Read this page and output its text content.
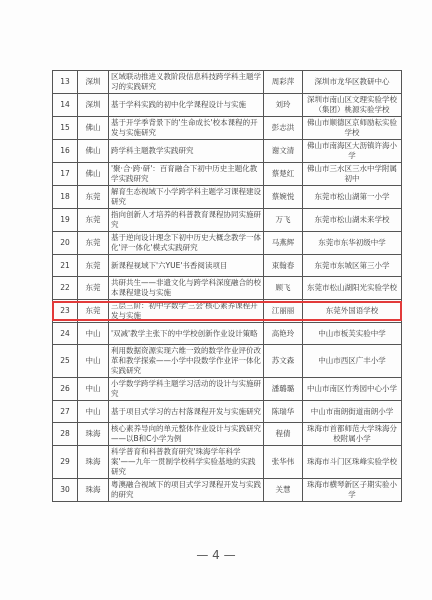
13	深圳	区域联动推进义教阶段信息科技跨学科主题学习的实践研究	周彩萍	深圳市龙华区教研中心
14	深圳	基于学科实践的初中化学课程设计与实施	刘玲	深圳市南山区文理实验学校（集团）桃源实验学校
15	佛山	基于开学季背景下的'生命成长'校本课程的开发与实施研究	彭志洪	佛山市顺德区京师励耘实验学校
16	佛山	跨学科主题教学实践研究	谢文清	佛山市南海区大沥镇许海小学
17	佛山	'聚·合·跨·研'：百育融合下初中历史主题化教学实践研究	蔡楚红	佛山市三水区三水中学附属初中
18	东莞	解育生态视域下小学跨学科主题学习课程建设研究	蔡婉悦	东莞市松山湖第一小学
19	东莞	指向创新人才培养的科普教育课程协同实施研究	万飞	东莞市松山湖未来学校
20	东莞	基于逆向设计理念下初中历史大概念教学一体化'评一体化'模式实践研究	马燕辉	东莞市东华初级中学
21	东莞	新课程视域下'六YUE'书香阅读项目	束翰春	东莞市东城区第三小学
22	东莞	共研共生——非遗文化与跨学科深度融合的校本课程建设与实施	顾飞	东莞市松山湖阳光实验学校
23	东莞	三层三阶：初中学数学'三会'核心素养课程开发与实施	江丽丽	东莞外国语学校
24	中山	'双减'教学主张下的中学校创新作业设计策略	高艳玲	中山市板芙实验中学
25	中山	利用数据资源实现六维一致的数学作业评价改革和教学探索——小学中段数学作业评一体化实践研究	苏文森	中山市西区广丰小学
26	中山	小学数学跨学科主题学习活动的设计与实施研究	潘璐璐	中山市南区竹秀园中心小学
27	中山	基于项目式学习的古村落课程开发与实施研究	陈瑞华	中山市南朗街道南朗小学
28	珠海	核心素养导向的单元整体作业设计与实践研究——以B和C小学为例	程倩	珠海市首都师范大学珠海分校附属小学
29	珠海	科学普育和科普教育研究'珠海学年科学案'——九年一贯制学校科学实验基地的实践研究	张华伟	珠海市斗门区珠峰实验学校
30	珠海	粤澳融合视域下的项目式学习课程开发与实践的研究	关慧	珠海市横琴新区子期实验小学
— 4 —
